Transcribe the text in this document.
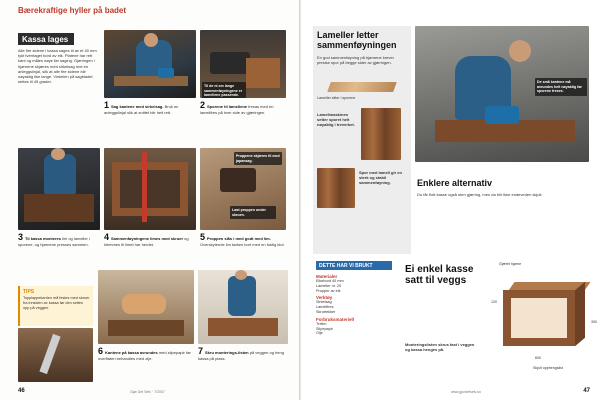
Bærekraftige hyller på badet
Kassa lages
Alle fire sidene i kassa sages til av et 40 mm tykt tverrlaget bord av eik. Platene har rett kant og måles nøye før saging. Gjæringen i hjørnene skjæres med sirkelsag mot en anleggslinjal, slik at alle fire sidene blir nøyaktig like lange. Vinkelen på sagbladet settes til 45 grader.
1 Sag kantene med sirkelsag. Bruk en anleggslinjal slik at snittet blir helt rett.
Til de ni cm lange sammenføyningene er lamellene passende.
2 Sporene til lamellene fresas med en lamellfres på hver side av gjæringen.
3 Til kassa monteres lim og lameller i sporene, og hjørnene presses sammen.
4 Sammenføyningene limes med skruer og klemmes til limet har herdet.
Proppene skjæres til med japansag.
Løst proppen under skruen.
5 Proppen slås i med godt med lim. Overskytende lim tørkes bort med en fuktig klut.
TIPS
Topplappekanten må festes med skruer fra innsiden av kassa før den settes opp på veggen.
6 Kantene på kassa avrundes med slipepapir før overflaten behandles med olje.
7 Skru monterings-listen på veggen og heng kassa på plass.
46	Gjør Det Selv · 7/2007
Lameller letter sammenføyningen
En god sammenføyning på hjørnene krever presise spor på begge sider av gjæringen.
Lameller sitter i sporene
Lamellmaskinen setter sporet helt nøyaktig i treverket.
Spor med lamell gir en sterk og stabil sammenføyning.
De små kantene må avrundes helt nøyaktig før sporene freses.
Enklere alternativ
Du får flott kasse også uten gjæring, men da blir ikke endeveden skjult.
DETTE HAR VI BRUKT
Materialer
Eikebord 40 mm
Lameller nr. 20
Propper av eik
Verktøy
Sirkelsag
Lamellfres
Skrutrekker
Forbruksmateriell
Trelim
Slipepapir
Olje
Ei enkel kasse satt til veggs
Gjæret hjørne
120
600
300
Skjult opphengslist
Monteringslisten skrus fast i veggen og kassa henges på.
47
www.gjordetselv.no
